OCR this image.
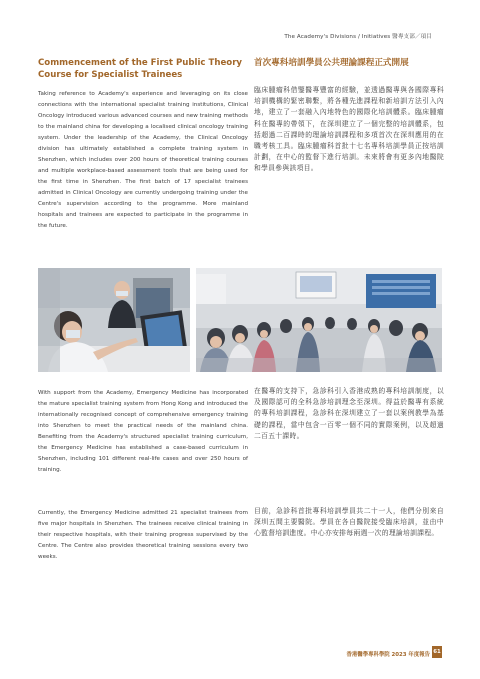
The Academy's Divisions / Initiatives 醫專支部／項目
Commencement of the First Public Theory Course for Specialist Trainees
首次專科培訓學員公共理論課程正式開展
Taking reference to Academy's experience and leveraging on its close connections with the international specialist training institutions, Clinical Oncology introduced various advanced courses and new training methods to the mainland china for developing a localised clinical oncology training system. Under the leadership of the Academy, the Clinical Oncology division has ultimately established a complete training system in Shenzhen, which includes over 200 hours of theoretical training courses and multiple workplace-based assessment tools that are being used for the first time in Shenzhen. The first batch of 17 specialist trainees admitted in Clinical Oncology are currently undergoing training under the Centre's supervision according to the programme. More mainland hospitals and trainees are expected to participate in the programme in the future.
臨床腫瘤科借鑒醫專豐富的經驗，並透過醫專與各國際專科培訓機構的緊密聯繫，將各種先進課程和新培訓方法引入內地，建立了一套融入內地特色的國際化培訓體系。臨床腫瘤科在醫專的帶領下，在深圳建立了一個完整的培訓體系，包括超過二百課時的理論培訓課程和多項首次在深圳應用的在職考核工具。臨床腫瘤科首批十七名專科培訓學員正按培訓計劃，在中心的監督下進行培訓。未來將會有更多內地醫院和學員參與該項目。
With support from the Academy, Emergency Medicine has incorporated the mature specialist training system from Hong Kong and introduced the internationally recognised concept of comprehensive emergency training into Shenzhen to meet the practical needs of the mainland china. Benefiting from the Academy's structured specialist training curriculum, the Emergency Medicine has established a case-based curriculum in Shenzhen, including 101 different real-life cases and over 250 hours of training.
在醫專的支持下，急診科引入香港成熟的專科培訓制度，以及國際認可的全科急診培訓理念至深圳。得益於醫專有系統的專科培訓課程，急診科在深圳建立了一套以案例教學為基礎的課程，當中包含一百零一個不同的實際案例，以及超過二百五十課時。
Currently, the Emergency Medicine admitted 21 specialist trainees from five major hospitals in Shenzhen. The trainees receive clinical training in their respective hospitals, with their training progress supervised by the Centre. The Centre also provides theoretical training sessions every two weeks.
目前，急診科首批專科培訓學員共二十一人，他們分別來自深圳五間主要醫院。學員在各自醫院接受臨床培訓，並由中心監督培訓進度。中心亦安排每兩週一次的理論培訓課程。
香港醫學專科學院 2023 年度報告 61
